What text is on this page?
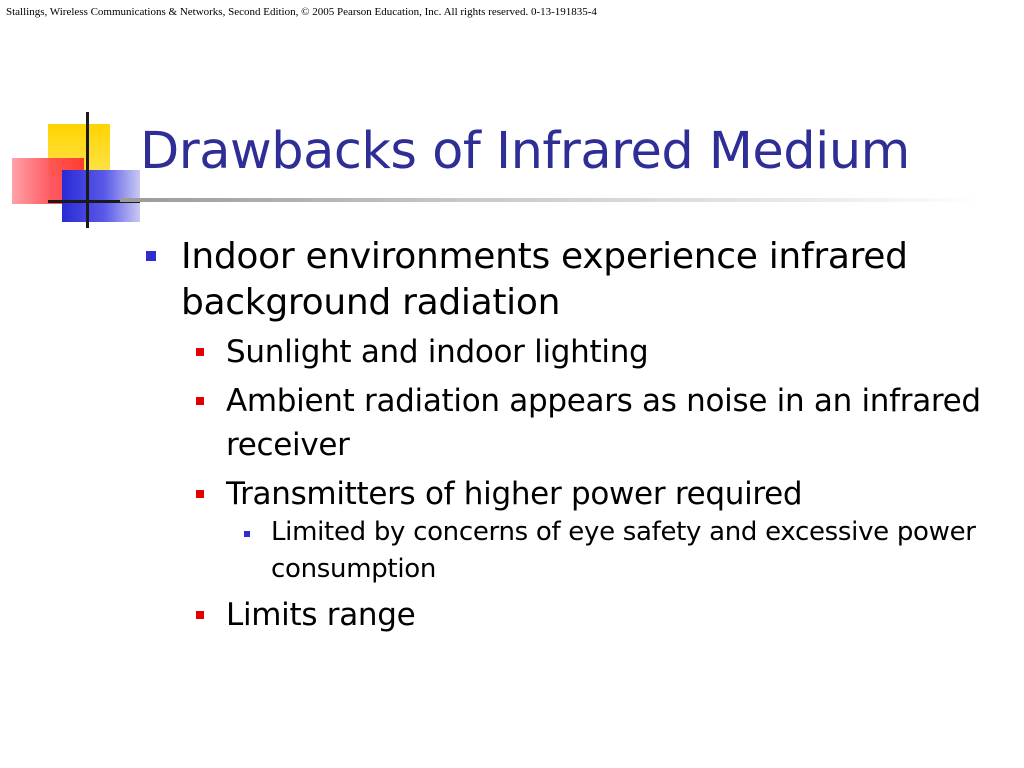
Stallings, Wireless Communications & Networks, Second Edition, © 2005 Pearson Education, Inc. All rights reserved. 0-13-191835-4
Drawbacks of Infrared Medium
Indoor environments experience infrared background radiation
Sunlight and indoor lighting
Ambient radiation appears as noise in an infrared receiver
Transmitters of higher power required
Limited by concerns of eye safety and excessive power consumption
Limits range
